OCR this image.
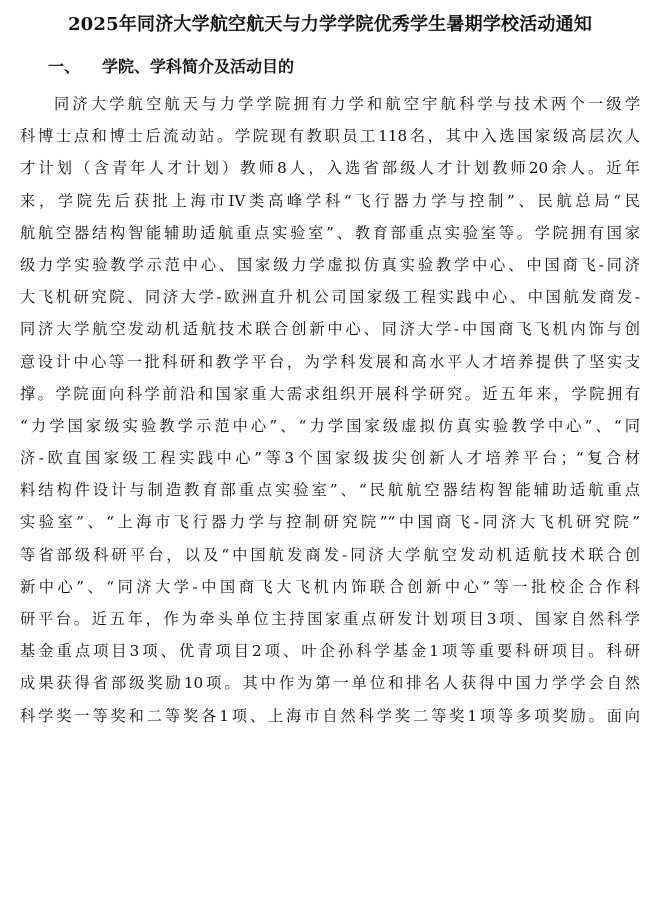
2025年同济大学航空航天与力学学院优秀学生暑期学校活动通知
一、 学院、学科简介及活动目的
同济大学航空航天与力学学院拥有力学和航空宇航科学与技术两个一级学
科博士点和博士后流动站。学院现有教职员工118名，其中入选国家级高层次人
才计划（含青年人才计划）教师8人，入选省部级人才计划教师20余人。近年
来，学院先后获批上海市IV类高峰学科“飞行器力学与控制”、民航总局“民
航航空器结构智能辅助适航重点实验室”、教育部重点实验室等。学院拥有国家
级力学实验教学示范中心、国家级力学虚拟仿真实验教学中心、中国商飞-同济
大飞机研究院、同济大学-欧洲直升机公司国家级工程实践中心、中国航发商发-
同济大学航空发动机适航技术联合创新中心、同济大学-中国商飞飞机内饰与创
意设计中心等一批科研和教学平台，为学科发展和高水平人才培养提供了坚实支
撑。学院面向科学前沿和国家重大需求组织开展科学研究。近五年来，学院拥有
“力学国家级实验教学示范中心”、“力学国家级虚拟仿真实验教学中心”、“同
济-欧直国家级工程实践中心”等3个国家级拔尖创新人才培养平台；“复合材
料结构件设计与制造教育部重点实验室”、“民航航空器结构智能辅助适航重点
实验室”、“上海市飞行器力学与控制研究院”“中国商飞-同济大飞机研究院”
等省部级科研平台，以及“中国航发商发-同济大学航空发动机适航技术联合创
新中心”、“同济大学-中国商飞大飞机内饰联合创新中心”等一批校企合作科
研平台。近五年，作为牵头单位主持国家重点研发计划项目3项、国家自然科学
基金重点项目3项、优青项目2项、叶企孙科学基金1项等重要科研项目。科研
成果获得省部级奖励10项。其中作为第一单位和排名人获得中国力学学会自然
科学奖一等奖和二等奖各1项、上海市自然科学奖二等奖1项等多项奖励。面向
